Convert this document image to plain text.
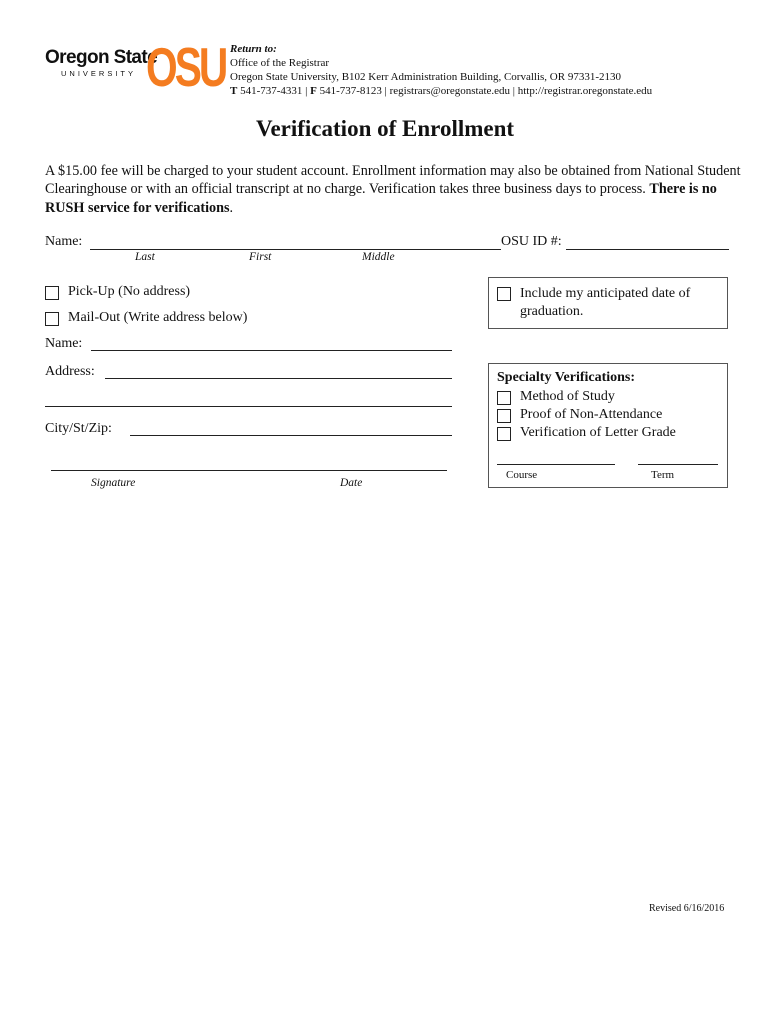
Oregon State
UNIVERSITY OSU Return to:
Office of the Registrar
Oregon State University, B102 Kerr Administration Building, Corvallis, OR 97331-2130
T 541-737-4331 | F 541-737-8123 | registrars@oregonstate.edu | http://registrar.oregonstate.edu
Verification of Enrollment
A $15.00 fee will be charged to your student account. Enrollment information may also be obtained from National Student Clearinghouse or with an official transcript at no charge. Verification takes three business days to process. There is no RUSH service for verifications.
Name:	OSU ID #:
Last	First	Middle
Pick-Up (No address)
Mail-Out (Write address below)
Include my anticipated date of
graduation.
Name:
Address:
City/St/Zip:
Signature	Date
Specialty Verifications:
Method of Study
Proof of Non-Attendance
Verification of Letter Grade
Course	Term
Revised 6/16/2016
